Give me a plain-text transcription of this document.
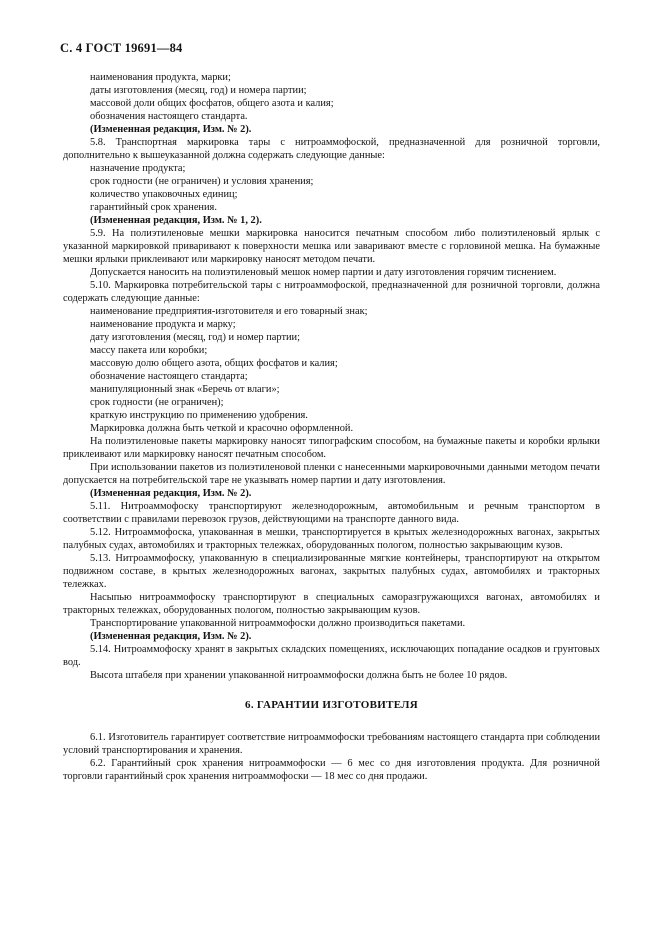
С. 4 ГОСТ 19691—84

наименования продукта, марки;

даты изготовления (месяц, год) и номера партии;

массовой доли общих фосфатов, общего азота и калия;

обозначения настоящего стандарта.

(Измененная редакция, Изм. № 2).

5.8. Транспортная маркировка тары с нитроаммофоской, предназначенной для розничной торговли, дополнительно к вышеуказанной должна содержать следующие данные:

назначение продукта;

срок годности (не ограничен) и условия хранения;

количество упаковочных единиц;

гарантийный срок хранения.

(Измененная редакция, Изм. № 1, 2).

5.9. На полиэтиленовые мешки маркировка наносится печатным способом либо полиэтиленовый ярлык с указанной маркировкой приваривают к поверхности мешка или заваривают вместе с горловиной мешка. На бумажные мешки ярлыки приклеивают или маркировку наносят методом печати.

Допускается наносить на полиэтиленовый мешок номер партии и дату изготовления горячим тиснением.

5.10. Маркировка потребительской тары с нитроаммофоской, предназначенной для розничной торговли, должна содержать следующие данные:

наименование предприятия-изготовителя и его товарный знак;

наименование продукта и марку;

дату изготовления (месяц, год) и номер партии;

массу пакета или коробки;

массовую долю общего азота, общих фосфатов и калия;

обозначение настоящего стандарта;

манипуляционный знак «Беречь от влаги»;

срок годности (не ограничен);

краткую инструкцию по применению удобрения.

Маркировка должна быть четкой и красочно оформленной.

На полиэтиленовые пакеты маркировку наносят типографским способом, на бумажные пакеты и коробки ярлыки приклеивают или маркировку наносят печатным способом.

При использовании пакетов из полиэтиленовой пленки с нанесенными маркировочными данными методом печати допускается на потребительской таре не указывать номер партии и дату изготовления.

(Измененная редакция, Изм. № 2).

5.11. Нитроаммофоску транспортируют железнодорожным, автомобильным и речным транспортом в соответствии с правилами перевозок грузов, действующими на транспорте данного вида.

5.12. Нитроаммофоска, упакованная в мешки, транспортируется в крытых железнодорожных вагонах, закрытых палубных судах, автомобилях и тракторных тележках, оборудованных пологом, полностью закрывающим кузов.

5.13. Нитроаммофоску, упакованную в специализированные мягкие контейнеры, транспортируют на открытом подвижном составе, в крытых железнодорожных вагонах, закрытых палубных судах, автомобилях и тракторных тележках.

Насыпью нитроаммофоску транспортируют в специальных саморазгружающихся вагонах, автомобилях и тракторных тележках, оборудованных пологом, полностью закрывающим кузов.

Транспортирование упакованной нитроаммофоски должно производиться пакетами.

(Измененная редакция, Изм. № 2).

5.14. Нитроаммофоску хранят в закрытых складских помещениях, исключающих попадание осадков и грунтовых вод.

Высота штабеля при хранении упакованной нитроаммофоски должна быть не более 10 рядов.

6. ГАРАНТИИ ИЗГОТОВИТЕЛЯ

6.1. Изготовитель гарантирует соответствие нитроаммофоски требованиям настоящего стандарта при соблюдении условий транспортирования и хранения.

6.2. Гарантийный срок хранения нитроаммофоски — 6 мес со дня изготовления продукта. Для розничной торговли гарантийный срок хранения нитроаммофоски — 18 мес со дня продажи.
